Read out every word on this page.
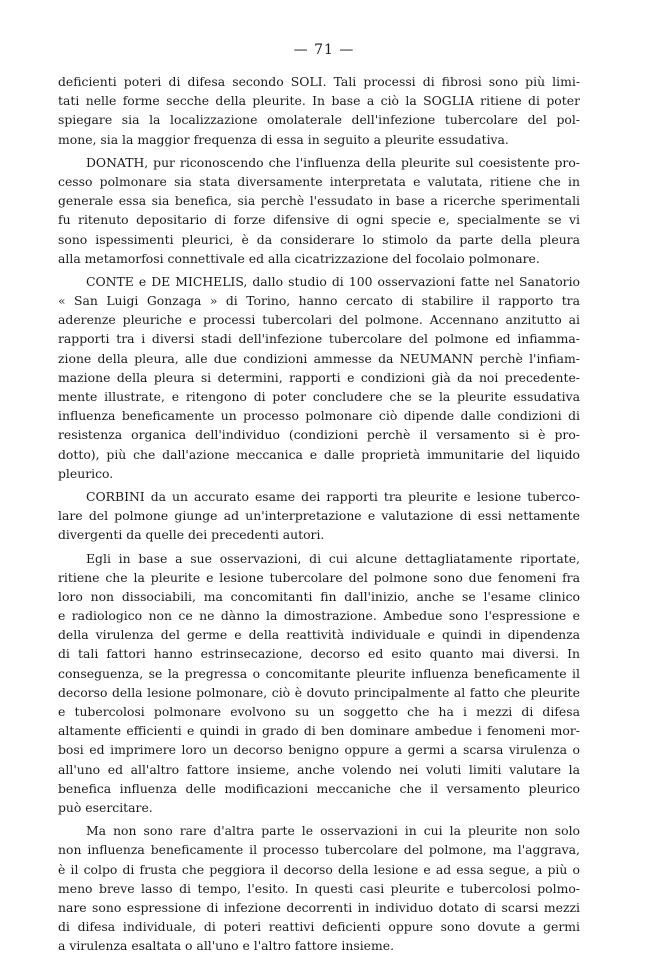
— 71 —
deficienti poteri di difesa secondo SOLI. Tali processi di fibrosi sono più limi-
tati nelle forme secche della pleurite. In base a ciò la SOGLIA ritiene di poter
spiegare sia la localizzazione omolaterale dell'infezione tubercolare del pol-
mone, sia la maggior frequenza di essa in seguito a pleurite essudativa.
DONATH, pur riconoscendo che l'influenza della pleurite sul coesistente pro-
cesso polmonare sia stata diversamente interpretata e valutata, ritiene che in
generale essa sia benefica, sia perchè l'essudato in base a ricerche sperimentali
fu ritenuto depositario di forze difensive di ogni specie e, specialmente se vi
sono ispessimenti pleurici, è da considerare lo stimolo da parte della pleura
alla metamorfosi connettivale ed alla cicatrizzazione del focolaio polmonare.
CONTE e DE MICHELIS, dallo studio di 100 osservazioni fatte nel Sanatorio
« San Luigi Gonzaga » di Torino, hanno cercato di stabilire il rapporto tra
aderenze pleuriche e processi tubercolari del polmone. Accennano anzitutto ai
rapporti tra i diversi stadi dell'infezione tubercolare del polmone ed infiamma-
zione della pleura, alle due condizioni ammesse da NEUMANN perchè l'infiam-
mazione della pleura si determini, rapporti e condizioni già da noi precedente-
mente illustrate, e ritengono di poter concludere che se la pleurite essudativa
influenza beneficamente un processo polmonare ciò dipende dalle condizioni di
resistenza organica dell'individuo (condizioni perchè il versamento si è pro-
dotto), più che dall'azione meccanica e dalle proprietà immunitarie del liquido
pleurico.
CORBINI da un accurato esame dei rapporti tra pleurite e lesione tuberco-
lare del polmone giunge ad un'interpretazione e valutazione di essi nettamente
divergenti da quelle dei precedenti autori.
Egli in base a sue osservazioni, di cui alcune dettagliatamente riportate,
ritiene che la pleurite e lesione tubercolare del polmone sono due fenomeni fra
loro non dissociabili, ma concomitanti fin dall'inizio, anche se l'esame clinico
e radiologico non ce ne dànno la dimostrazione. Ambedue sono l'espressione e
della virulenza del germe e della reattività individuale e quindi in dipendenza
di tali fattori hanno estrinsecazione, decorso ed esito quanto mai diversi. In
conseguenza, se la pregressa o concomitante pleurite influenza beneficamente il
decorso della lesione polmonare, ciò è dovuto principalmente al fatto che pleurite
e tubercolosi polmonare evolvono su un soggetto che ha i mezzi di difesa
altamente efficienti e quindi in grado di ben dominare ambedue i fenomeni mor-
bosi ed imprimere loro un decorso benigno oppure a germi a scarsa virulenza o
all'uno ed all'altro fattore insieme, anche volendo nei voluti limiti valutare la
benefica influenza delle modificazioni meccaniche che il versamento pleurico
può esercitare.
Ma non sono rare d'altra parte le osservazioni in cui la pleurite non solo
non influenza beneficamente il processo tubercolare del polmone, ma l'aggrava,
è il colpo di frusta che peggiora il decorso della lesione e ad essa segue, a più o
meno breve lasso di tempo, l'esito. In questi casi pleurite e tubercolosi polmo-
nare sono espressione di infezione decorrenti in individuo dotato di scarsi mezzi
di difesa individuale, di poteri reattivi deficienti oppure sono dovute a germi
a virulenza esaltata o all'uno e l'altro fattore insieme.
